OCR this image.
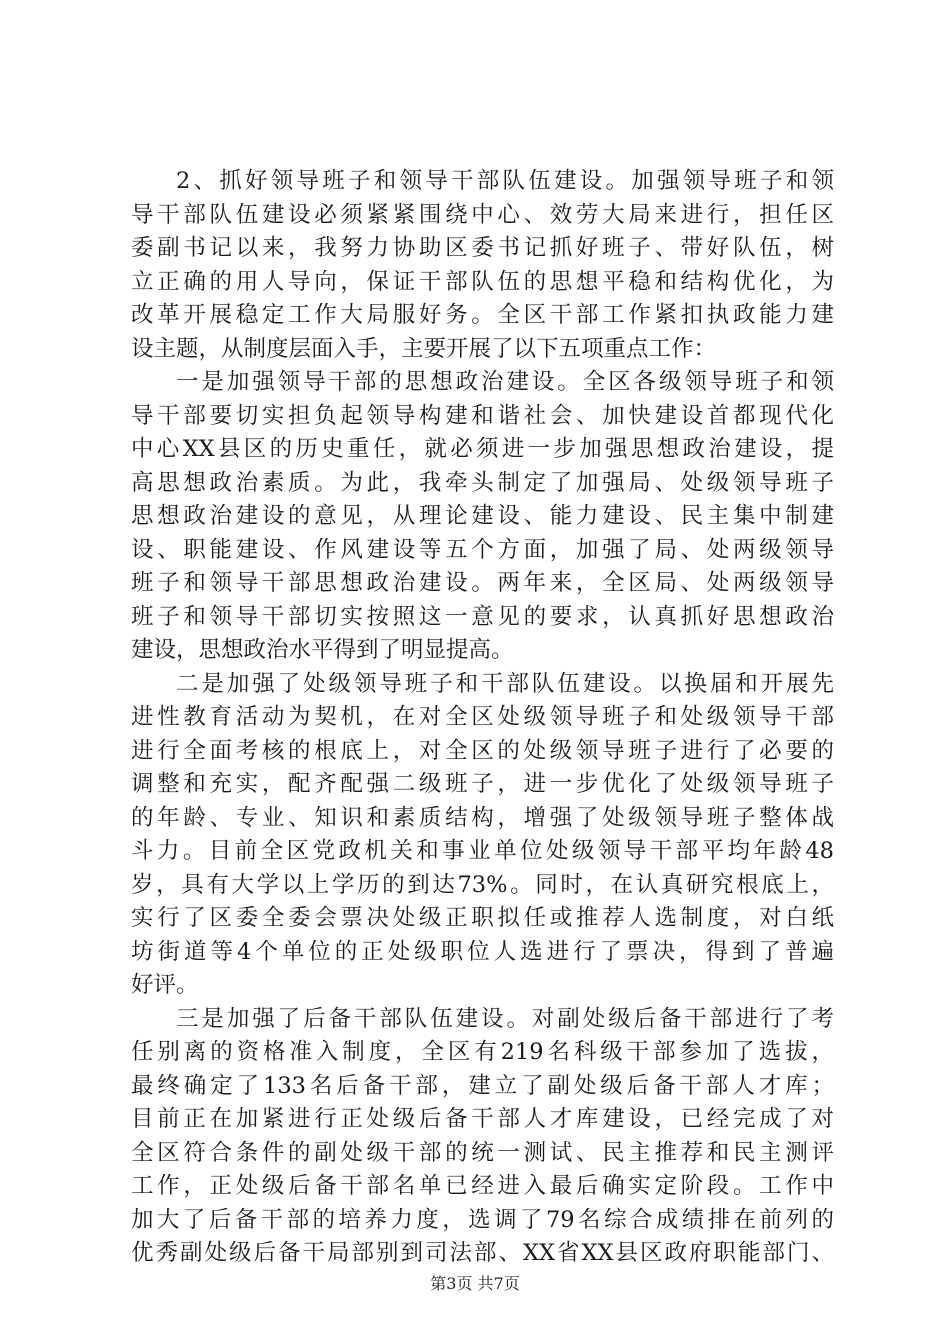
2、抓好领导班子和领导干部队伍建设。加强领导班子和领
导干部队伍建设必须紧紧围绕中心、效劳大局来进行，担任区
委副书记以来，我努力协助区委书记抓好班子、带好队伍，树
立正确的用人导向，保证干部队伍的思想平稳和结构优化，为
改革开展稳定工作大局服好务。全区干部工作紧扣执政能力建
设主题，从制度层面入手，主要开展了以下五项重点工作：
一是加强领导干部的思想政治建设。全区各级领导班子和领
导干部要切实担负起领导构建和谐社会、加快建设首都现代化
中心XX县区的历史重任，就必须进一步加强思想政治建设，提
高思想政治素质。为此，我牵头制定了加强局、处级领导班子
思想政治建设的意见，从理论建设、能力建设、民主集中制建
设、职能建设、作风建设等五个方面，加强了局、处两级领导
班子和领导干部思想政治建设。两年来，全区局、处两级领导
班子和领导干部切实按照这一意见的要求，认真抓好思想政治
建设，思想政治水平得到了明显提高。
二是加强了处级领导班子和干部队伍建设。以换届和开展先
进性教育活动为契机，在对全区处级领导班子和处级领导干部
进行全面考核的根底上，对全区的处级领导班子进行了必要的
调整和充实，配齐配强二级班子，进一步优化了处级领导班子
的年龄、专业、知识和素质结构，增强了处级领导班子整体战
斗力。目前全区党政机关和事业单位处级领导干部平均年龄48
岁，具有大学以上学历的到达73%。同时，在认真研究根底上，
实行了区委全委会票决处级正职拟任或推荐人选制度，对白纸
坊街道等4个单位的正处级职位人选进行了票决，得到了普遍
好评。
三是加强了后备干部队伍建设。对副处级后备干部进行了考
任别离的资格准入制度，全区有219名科级干部参加了选拔，
最终确定了133名后备干部，建立了副处级后备干部人才库；
目前正在加紧进行正处级后备干部人才库建设，已经完成了对
全区符合条件的副处级干部的统一测试、民主推荐和民主测评
工作，正处级后备干部名单已经进入最后确实定阶段。工作中
加大了后备干部的培养力度，选调了79名综合成绩排在前列的
优秀副处级后备干局部别到司法部、XX省XX县区政府职能部门、
第3页 共7页
